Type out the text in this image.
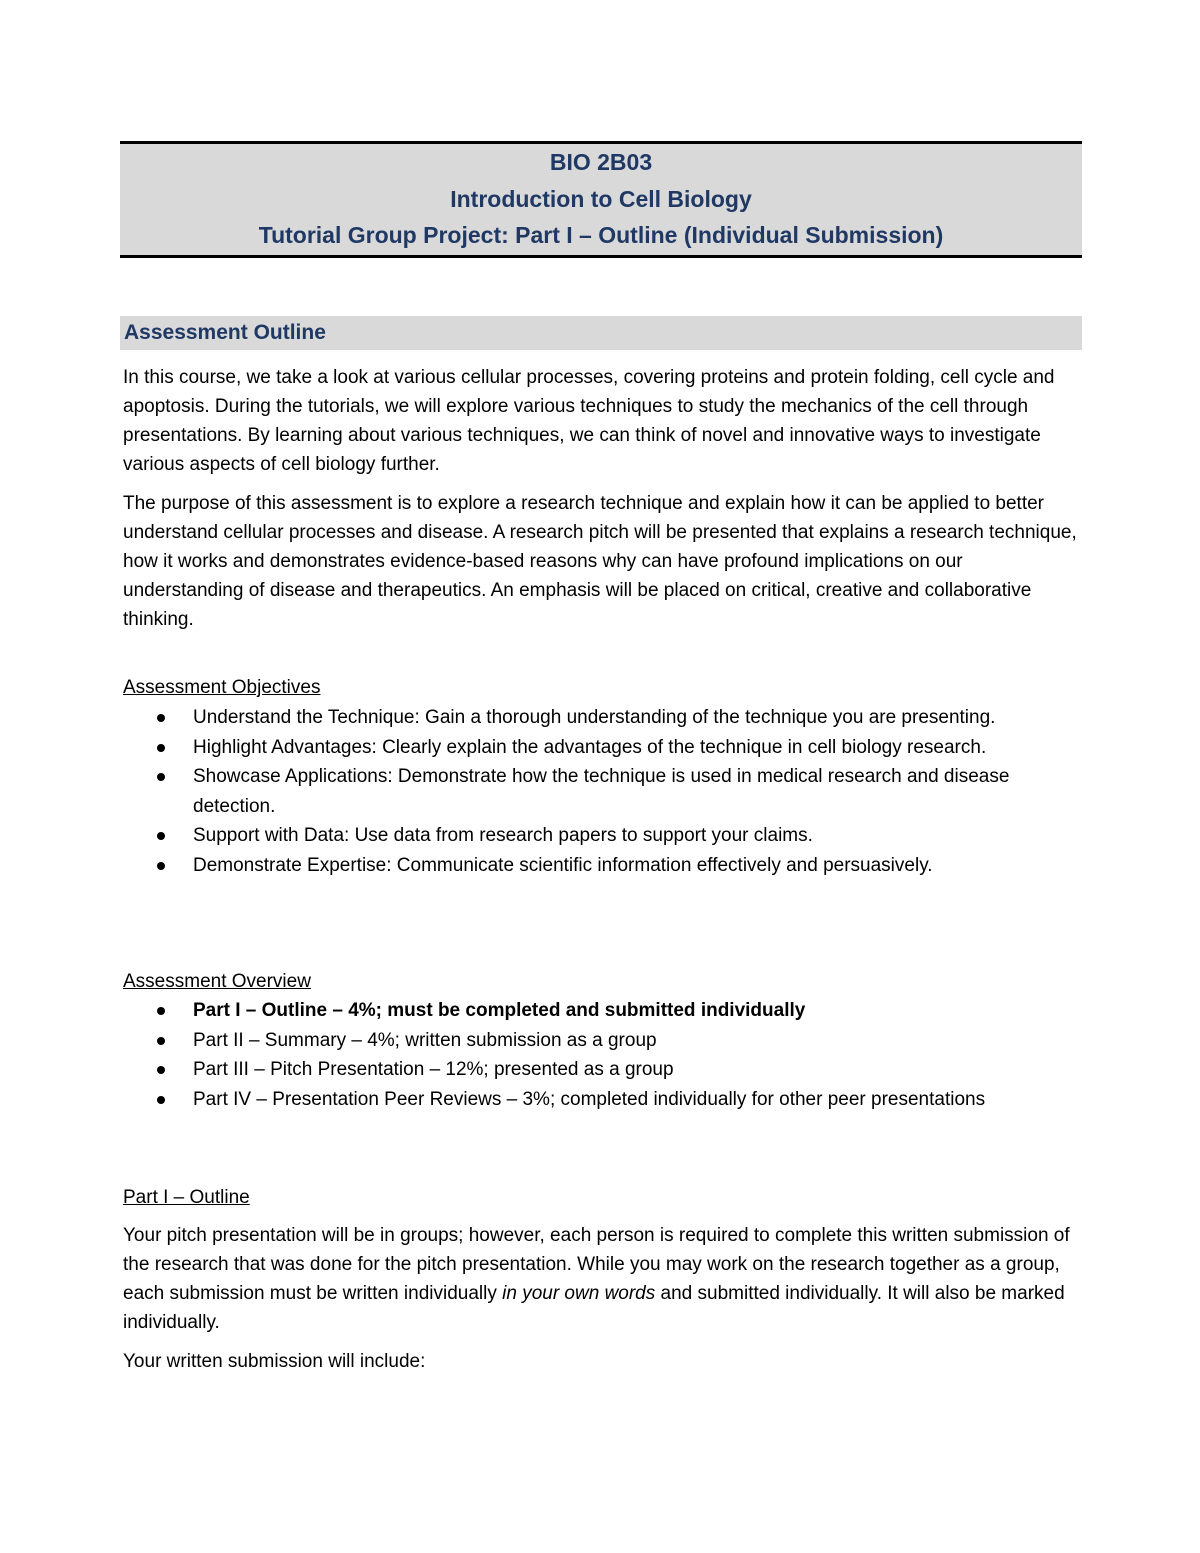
BIO 2B03
Introduction to Cell Biology
Tutorial Group Project: Part I – Outline (Individual Submission)
Assessment Outline

In this course, we take a look at various cellular processes, covering proteins and protein folding, cell cycle and apoptosis. During the tutorials, we will explore various techniques to study the mechanics of the cell through presentations. By learning about various techniques, we can think of novel and innovative ways to investigate various aspects of cell biology further.

The purpose of this assessment is to explore a research technique and explain how it can be applied to better understand cellular processes and disease. A research pitch will be presented that explains a research technique, how it works and demonstrates evidence-based reasons why can have profound implications on our understanding of disease and therapeutics. An emphasis will be placed on critical, creative and collaborative thinking.

Assessment Objectives
Understand the Technique: Gain a thorough understanding of the technique you are presenting.
Highlight Advantages: Clearly explain the advantages of the technique in cell biology research.
Showcase Applications: Demonstrate how the technique is used in medical research and disease detection.
Support with Data: Use data from research papers to support your claims.
Demonstrate Expertise: Communicate scientific information effectively and persuasively.
Assessment Overview
Part I – Outline – 4%; must be completed and submitted individually
Part II – Summary – 4%; written submission as a group
Part III – Pitch Presentation – 12%; presented as a group
Part IV – Presentation Peer Reviews – 3%; completed individually for other peer presentations
Part I – Outline

Your pitch presentation will be in groups; however, each person is required to complete this written submission of the research that was done for the pitch presentation. While you may work on the research together as a group, each submission must be written individually in your own words and submitted individually. It will also be marked individually.

Your written submission will include:
